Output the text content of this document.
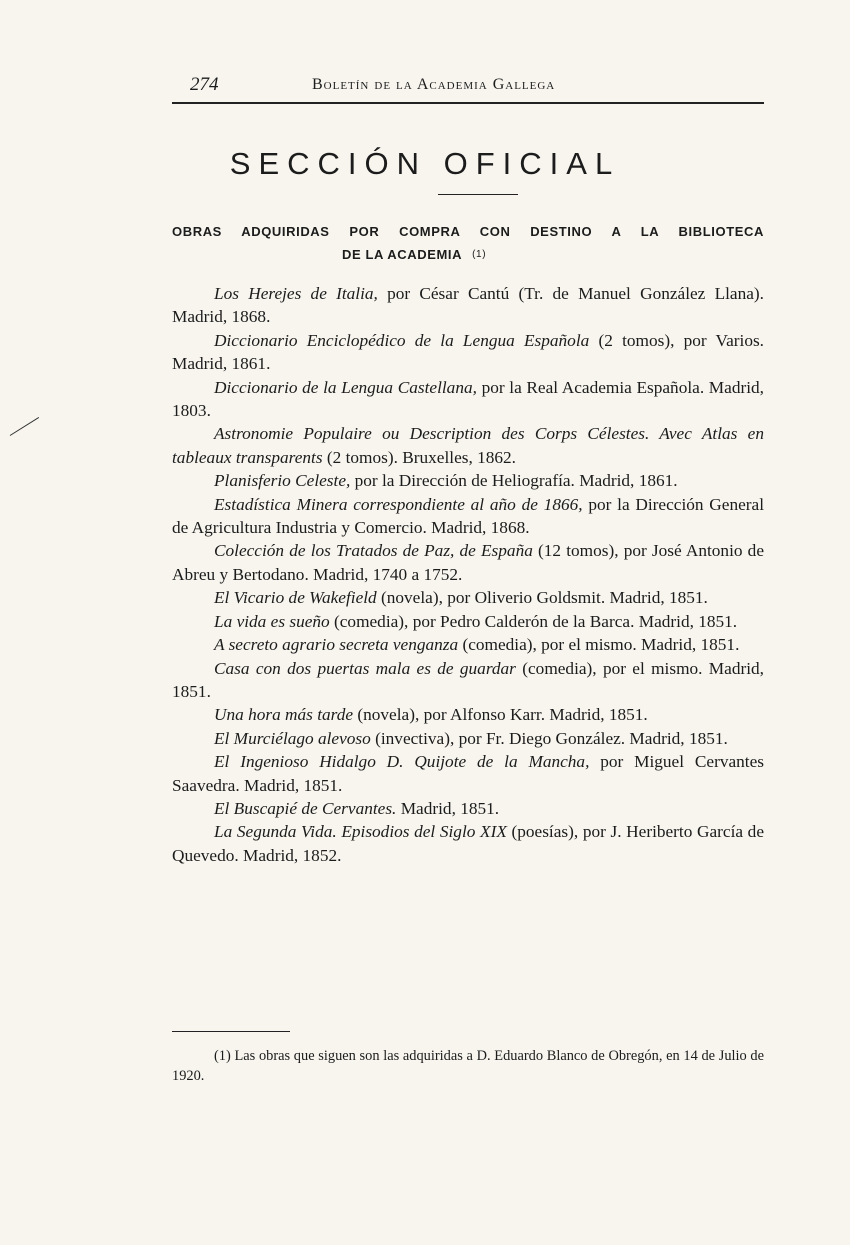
274	Boletín de la Academia Gallega
SECCIÓN OFICIAL
OBRAS ADQUIRIDAS POR COMPRA CON DESTINO A LA BIBLIOTECA
DE LA ACADEMIA $^{(1)}$

Los Herejes de Italia, por César Cantú (Tr. de Manuel González Llana). Madrid, 1868.

Diccionario Enciclopédico de la Lengua Española (2 tomos), por Varios. Madrid, 1861.

Diccionario de la Lengua Castellana, por la Real Academia Española. Madrid, 1803.

Astronomie Populaire ou Description des Corps Célestes. Avec Atlas en tableaux transparents (2 tomos). Bruxelles, 1862.

Planisferio Celeste, por la Dirección de Heliografía. Madrid, 1861.

Estadística Minera correspondiente al año de 1866, por la Dirección General de Agricultura Industria y Comercio. Madrid, 1868.

Colección de los Tratados de Paz, de España (12 tomos), por José Antonio de Abreu y Bertodano. Madrid, 1740 a 1752.

El Vicario de Wakefield (novela), por Oliverio Goldsmit. Madrid, 1851.

La vida es sueño (comedia), por Pedro Calderón de la Barca. Madrid, 1851.

A secreto agrario secreta venganza (comedia), por el mismo. Madrid, 1851.

Casa con dos puertas mala es de guardar (comedia), por el mismo. Madrid, 1851.

Una hora más tarde (novela), por Alfonso Karr. Madrid, 1851.

El Murciélago alevoso (invectiva), por Fr. Diego González. Madrid, 1851.

El Ingenioso Hidalgo D. Quijote de la Mancha, por Miguel Cervantes Saavedra. Madrid, 1851.

El Buscapié de Cervantes. Madrid, 1851.

La Segunda Vida. Episodios del Siglo XIX (poesías), por J. Heriberto García de Quevedo. Madrid, 1852.

(1) Las obras que siguen son las adquiridas a D. Eduardo Blanco de Obregón, en 14 de Julio de 1920.
